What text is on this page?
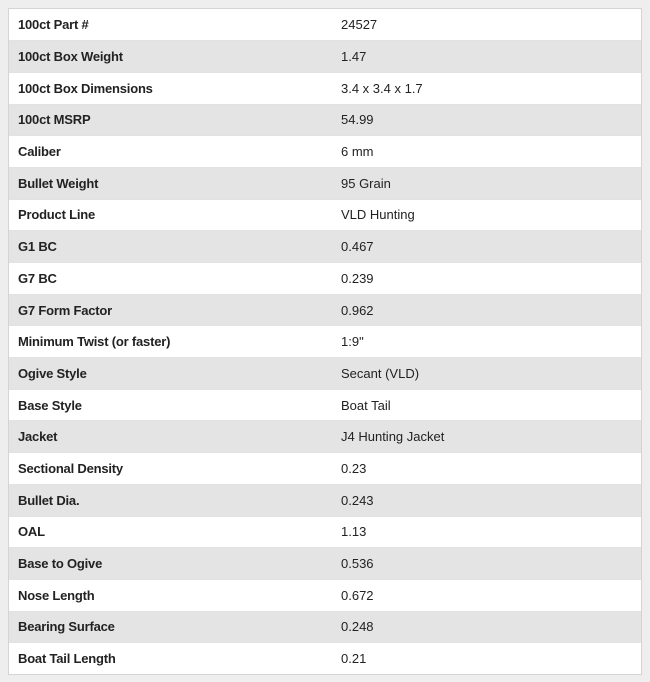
100ct Part #	24527
100ct Box Weight	1.47
100ct Box Dimensions	3.4 x 3.4 x 1.7
100ct MSRP	54.99
Caliber	6 mm
Bullet Weight	95 Grain
Product Line	VLD Hunting
G1 BC	0.467
G7 BC	0.239
G7 Form Factor	0.962
Minimum Twist (or faster)	1:9"
Ogive Style	Secant (VLD)
Base Style	Boat Tail
Jacket	J4 Hunting Jacket
Sectional Density	0.23
Bullet Dia.	0.243
OAL	1.13
Base to Ogive	0.536
Nose Length	0.672
Bearing Surface	0.248
Boat Tail Length	0.21
